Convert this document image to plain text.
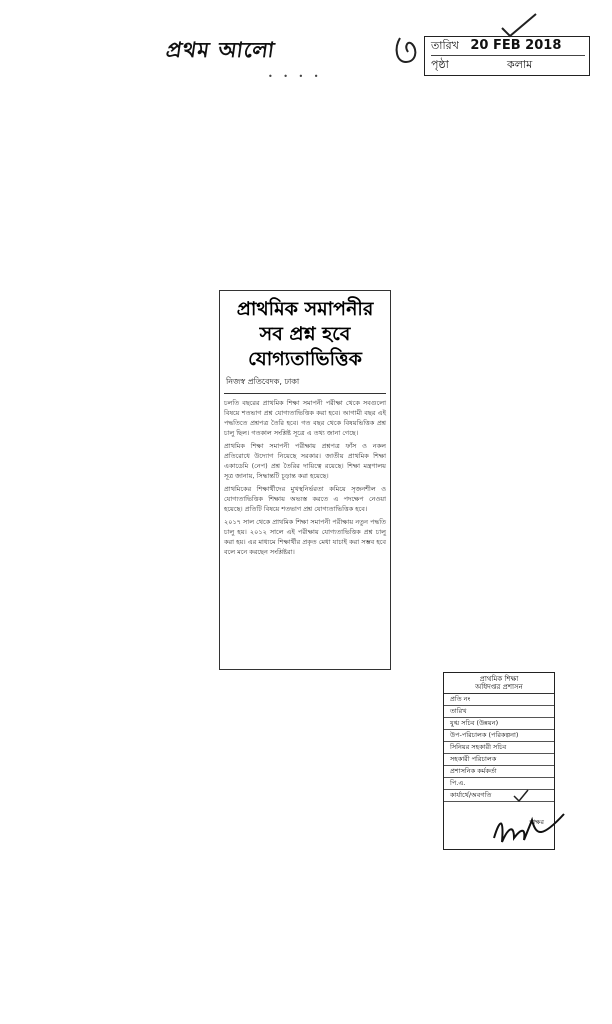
প্রথম আলো
• • • •
তারিখ 20 FEB 2018
পৃষ্ঠা	কলাম
প্রাথমিক সমাপনীর
সব প্রশ্ন হবে
যোগ্যতাভিত্তিক
নিজস্ব প্রতিবেদক, ঢাকা

চলতি বছরের প্রাথমিক শিক্ষা সমাপনী পরীক্ষা থেকে সবগুলো বিষয়ে শতভাগ প্রশ্ন যোগ্যতাভিত্তিক করা হবে। আগামী বছর এই পদ্ধতিতে প্রশ্নপত্র তৈরি হবে। গত বছর থেকে বিষয়ভিত্তিক প্রশ্ন চালু ছিল। গতকাল সংশ্লিষ্ট সূত্রে এ তথ্য জানা গেছে।

প্রাথমিক শিক্ষা সমাপনী পরীক্ষায় প্রশ্নপত্র ফাঁস ও নকল প্রতিরোধে উদ্যোগ নিয়েছে সরকার। জাতীয় প্রাথমিক শিক্ষা একাডেমি (নেপ) প্রশ্ন তৈরির দায়িত্বে রয়েছে। শিক্ষা মন্ত্রণালয় সূত্র জানায়, সিদ্ধান্তটি চূড়ান্ত করা হয়েছে।

প্রাথমিকের শিক্ষার্থীদের মুখস্থনির্ভরতা কমিয়ে সৃজনশীল ও যোগ্যতাভিত্তিক শিক্ষায় অভ্যস্ত করতে এ পদক্ষেপ নেওয়া হয়েছে। প্রতিটি বিষয়ে শতভাগ প্রশ্ন যোগ্যতাভিত্তিক হবে।

২০১৭ সাল থেকে প্রাথমিক শিক্ষা সমাপনী পরীক্ষায় নতুন পদ্ধতি চালু হয়। ২০১২ সালে এই পরীক্ষায় যোগ্যতাভিত্তিক প্রশ্ন চালু করা হয়। এর মাধ্যমে শিক্ষার্থীর প্রকৃত মেধা যাচাই করা সম্ভব হবে বলে মনে করছেন সংশ্লিষ্টরা।

প্রাথমিক শিক্ষা
অধিদপ্তর প্রশাসন
প্রতি নং
তারিখ
যুগ্ম সচিব (উন্নয়ন)
উপ-পরিচালক (পরিকল্পনা)
সিনিয়র সহকারী সচিব
সহকারী পরিচালক
প্রশাসনিক কর্মকর্তা
পি.এ.
কার্যার্থে/অবগতি
স্বাক্ষর
